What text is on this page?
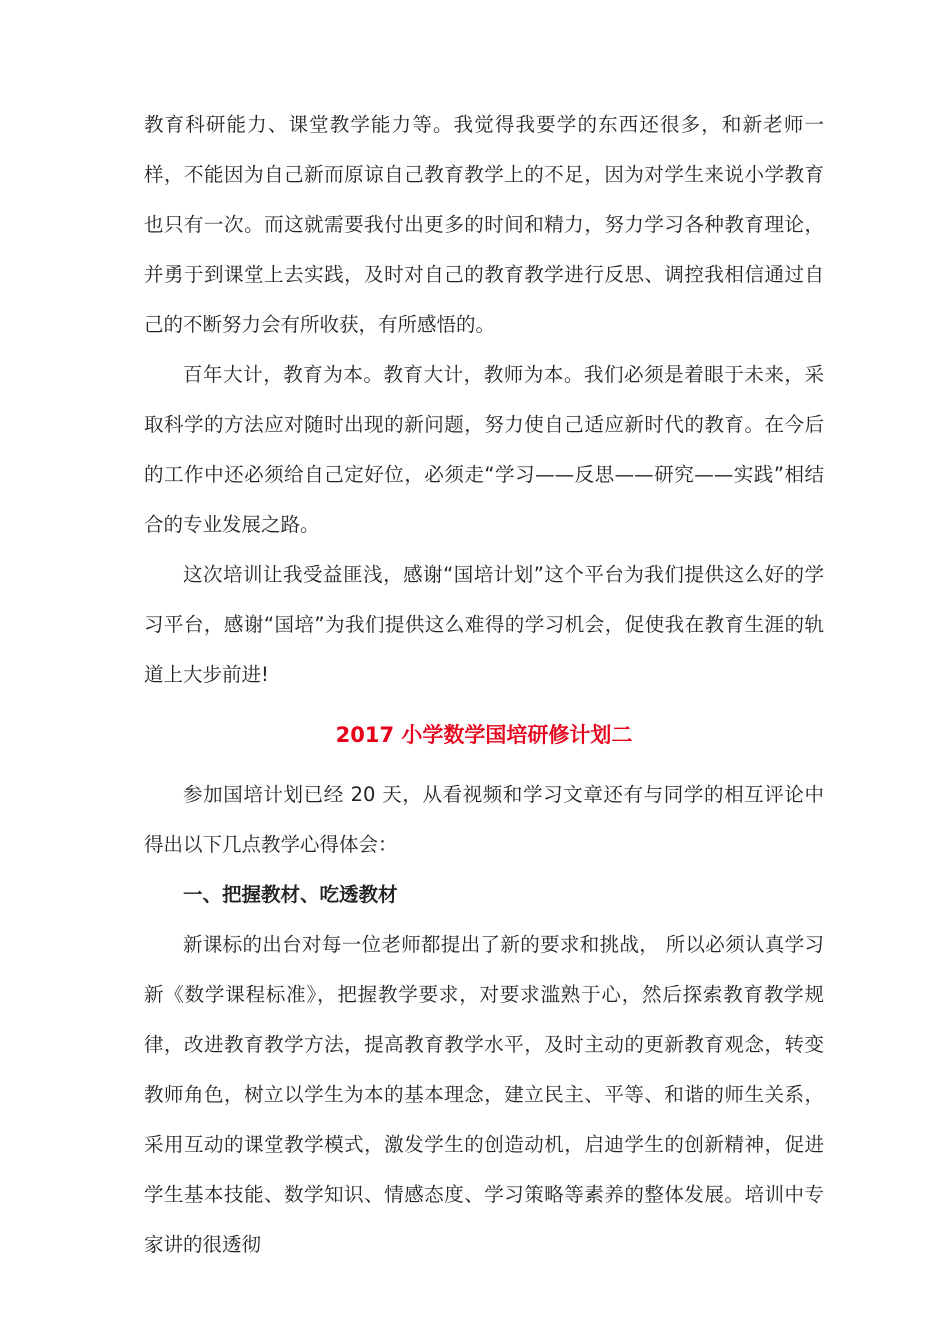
教育科研能力、课堂教学能力等。我觉得我要学的东西还很多，和新老师一样，不能因为自己新而原谅自己教育教学上的不足，因为对学生来说小学教育也只有一次。而这就需要我付出更多的时间和精力，努力学习各种教育理论，并勇于到课堂上去实践，及时对自己的教育教学进行反思、调控我相信通过自己的不断努力会有所收获，有所感悟的。

百年大计，教育为本。教育大计，教师为本。我们必须是着眼于未来，采取科学的方法应对随时出现的新问题，努力使自己适应新时代的教育。在今后的工作中还必须给自己定好位，必须走“学习——反思——研究——实践”相结合的专业发展之路。

这次培训让我受益匪浅，感谢“国培计划”这个平台为我们提供这么好的学习平台，感谢“国培”为我们提供这么难得的学习机会，促使我在教育生涯的轨道上大步前进!

2017 小学数学国培研修计划二

参加国培计划已经 20 天，从看视频和学习文章还有与同学的相互评论中得出以下几点教学心得体会：

一、把握教材、吃透教材

新课标的出台对每一位老师都提出了新的要求和挑战， 所以必须认真学习新《数学课程标准》，把握教学要求，对要求滥熟于心，然后探索教育教学规律，改进教育教学方法，提高教育教学水平，及时主动的更新教育观念，转变教师角色，树立以学生为本的基本理念，建立民主、平等、和谐的师生关系，采用互动的课堂教学模式，激发学生的创造动机，启迪学生的创新精神，促进学生基本技能、数学知识、情感态度、学习策略等素养的整体发展。培训中专家讲的很透彻
